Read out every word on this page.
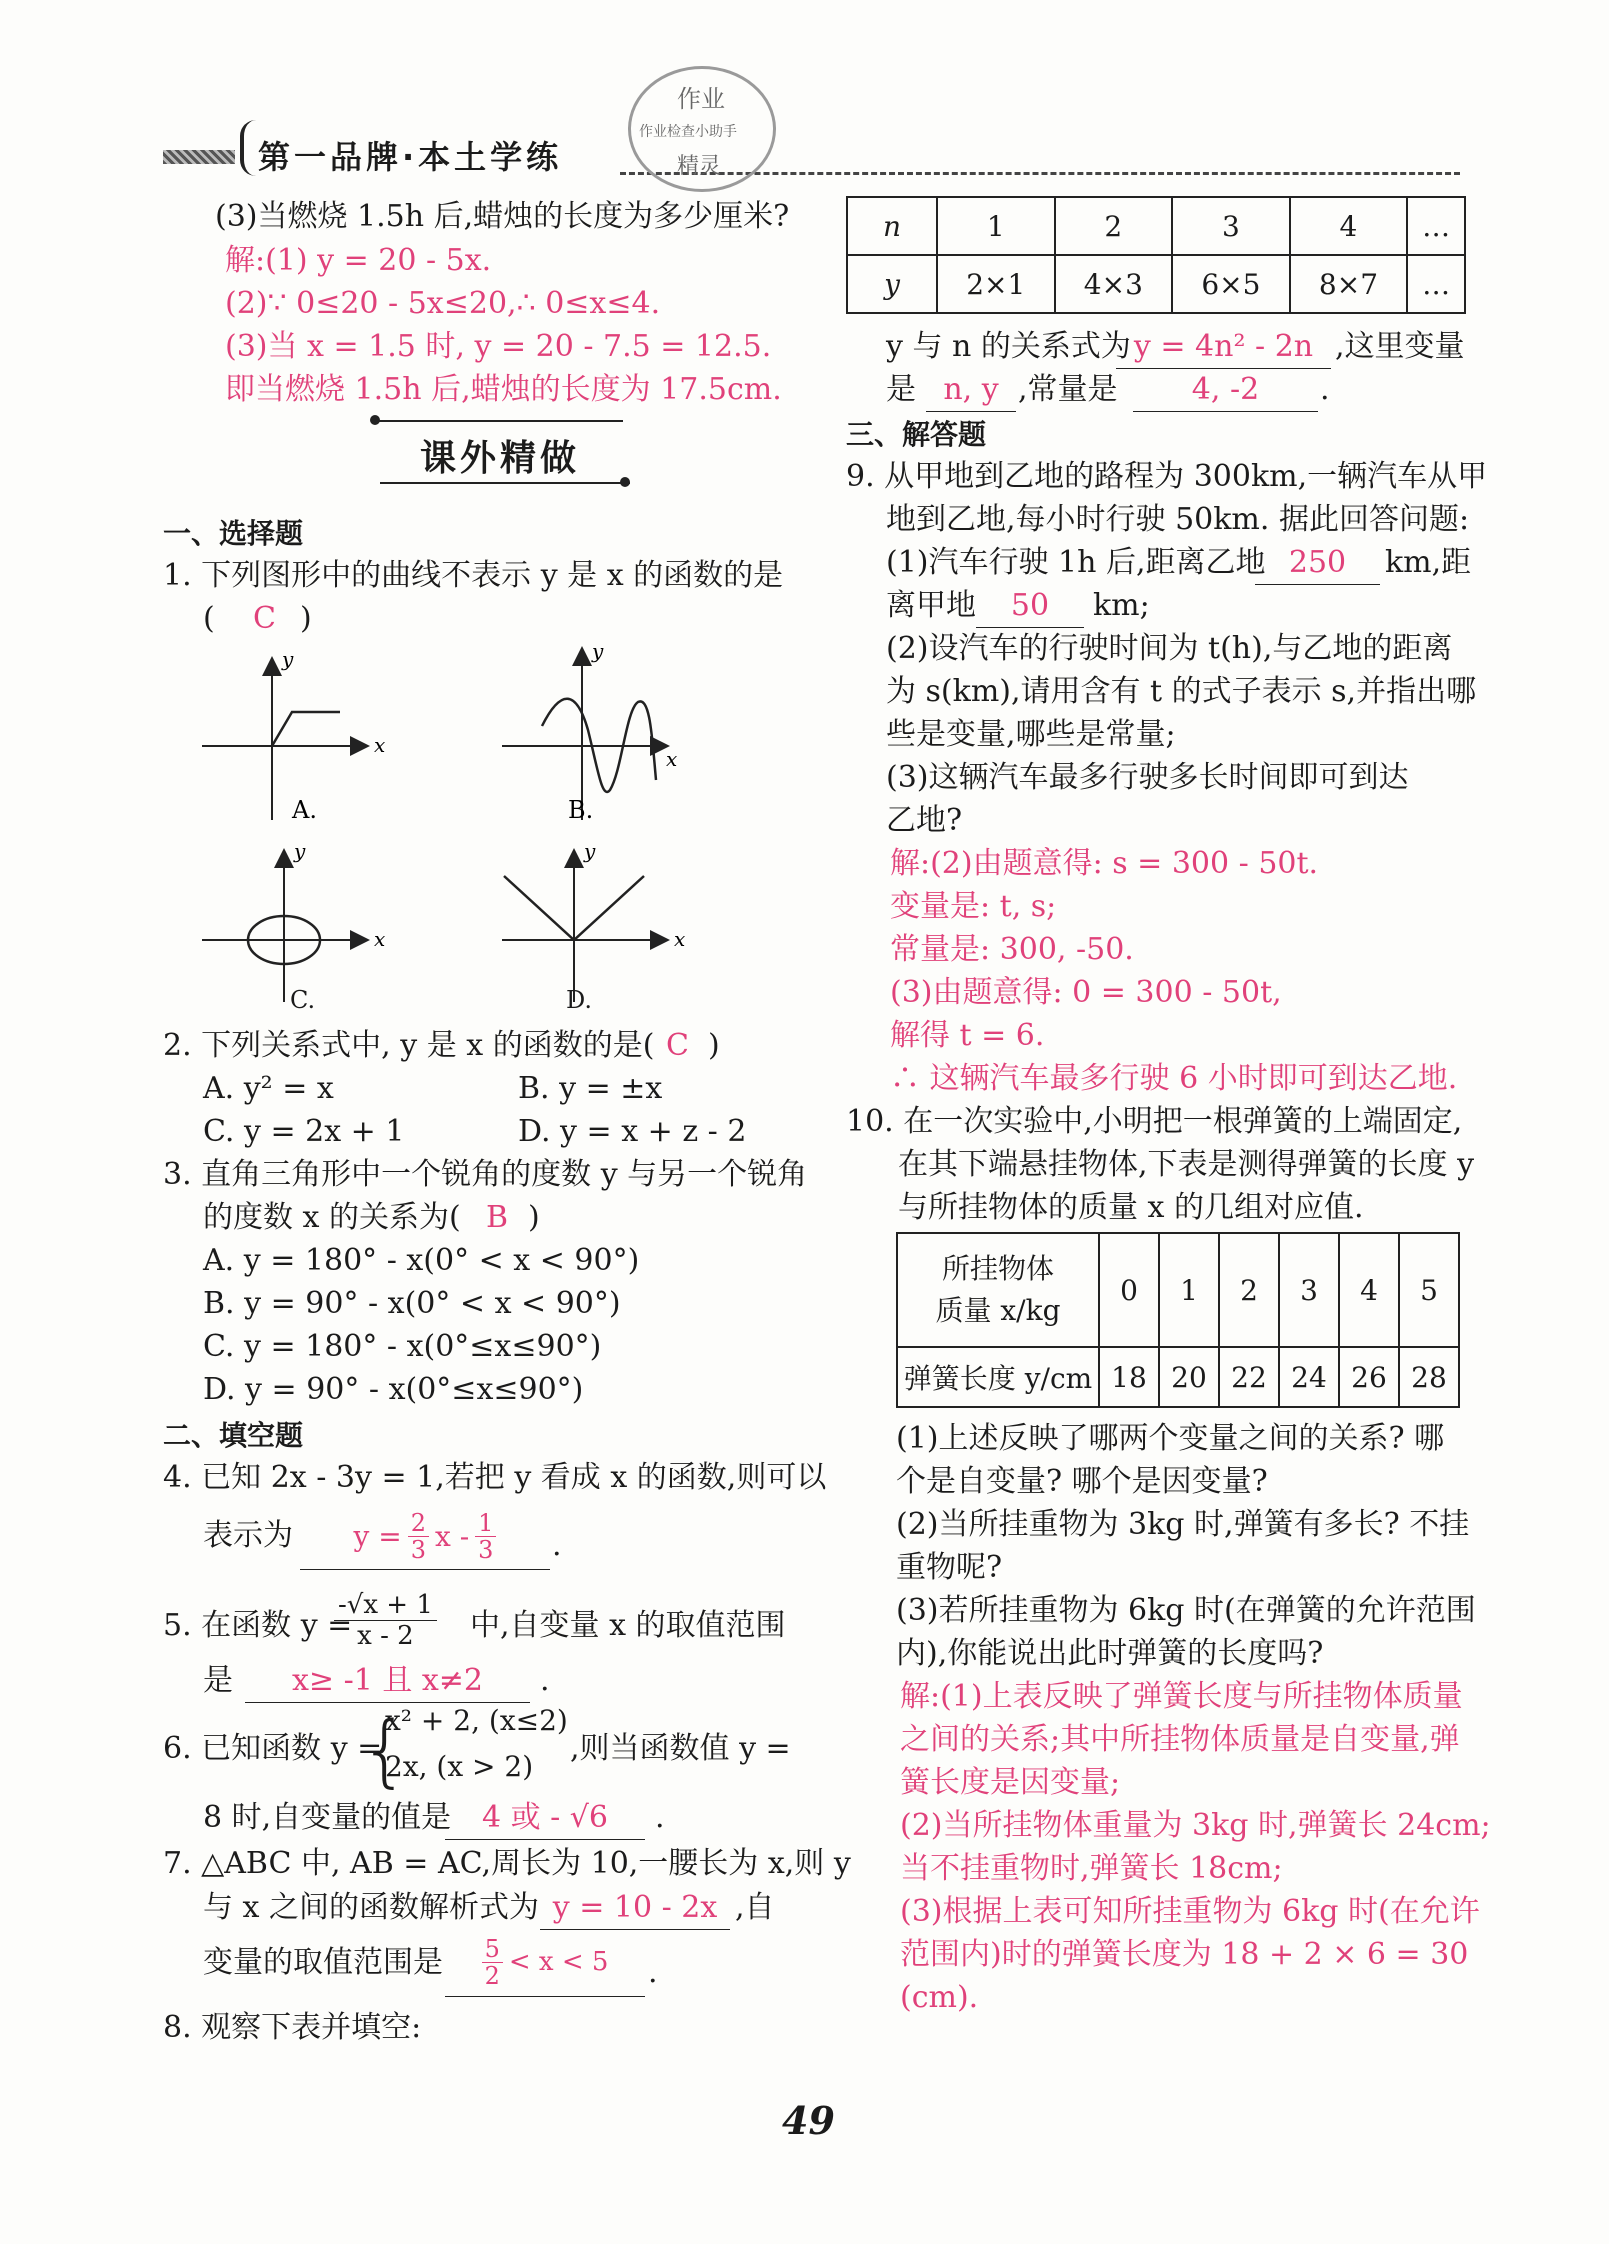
第一品牌·本土学练
作业
作业检查小助手
精灵
(3)当燃烧 1.5h 后,蜡烛的长度为多少厘米?
解:(1) y = 20 - 5x.
(2)∵ 0≤20 - 5x≤20,∴ 0≤x≤4.
(3)当 x = 1.5 时, y = 20 - 7.5 = 12.5.
即当燃烧 1.5h 后,蜡烛的长度为 17.5cm.
课外精做
一、选择题
1. 下列图形中的曲线不表示 y 是 x 的函数的是
( C )
x
y
A.
x
y
B.
x
y
x
y
C.	D.
2. 下列关系式中, y 是 x 的函数的是( C )
A. y² = x	B. y = ±x
C. y = 2x + 1	D. y = x + z - 2
3. 直角三角形中一个锐角的度数 y 与另一个锐角
的度数 x 的关系为( B )
A. y = 180° - x(0° < x < 90°)
B. y = 90° - x(0° < x < 90°)
C. y = 180° - x(0°≤x≤90°)
D. y = 90° - x(0°≤x≤90°)
二、填空题
4. 已知 2x - 3y = 1,若把 y 看成 x 的函数,则可以
表示为 $y = \frac{2}{3}$ x - $\frac{1}{3}$ .
5. 在函数 y =
$\frac{-√x + 1}{x - 2}$ 中,自变量 x 的取值范围
是	x≥ -1 且 x≠2	.
6. 已知函数 y =
{
x² + 2, (x≤2)
2x, (x > 2)
,则当函数值 y =
8 时,自变量的值是	4 或 - √6	.
7. △ABC 中, AB = AC,周长为 10,一腰长为 x,则 y
与 x 之间的函数解析式为 y = 10 - 2x ,自
变量的取值范围是 $\frac{5}{2} < x < 5$ .
8. 观察下表并填空:
n	1	2	3	4	…
y	2×1	4×3	6×5	8×7	…
y 与 n 的关系式为 y = 4n² - 2n ,这里变量
是 n, y ,常量是	4, -2	.
三、解答题
9. 从甲地到乙地的路程为 300km,一辆汽车从甲
地到乙地,每小时行驶 50km. 据此回答问题:
(1)汽车行驶 1h 后,距离乙地 250	km,距
离甲地	50	km;
(2)设汽车的行驶时间为 t(h),与乙地的距离
为 s(km),请用含有 t 的式子表示 s,并指出哪
些是变量,哪些是常量;
(3)这辆汽车最多行驶多长时间即可到达
乙地?
解:(2)由题意得: s = 300 - 50t.
变量是: t, s;
常量是: 300, -50.
(3)由题意得: 0 = 300 - 50t,
解得 t = 6.
∴ 这辆汽车最多行驶 6 小时即可到达乙地.
10. 在一次实验中,小明把一根弹簧的上端固定,
在其下端悬挂物体,下表是测得弹簧的长度 y
与所挂物体的质量 x 的几组对应值.
所挂物体
质量 x/kg	0	1	2	3	4	5
弹簧长度 y/cm	18	20	22	24	26	28
(1)上述反映了哪两个变量之间的关系? 哪
个是自变量? 哪个是因变量?
(2)当所挂重物为 3kg 时,弹簧有多长? 不挂
重物呢?
(3)若所挂重物为 6kg 时(在弹簧的允许范围
内),你能说出此时弹簧的长度吗?
解:(1)上表反映了弹簧长度与所挂物体质量
之间的关系;其中所挂物体质量是自变量,弹
簧长度是因变量;
(2)当所挂物体重量为 3kg 时,弹簧长 24cm;
当不挂重物时,弹簧长 18cm;
(3)根据上表可知所挂重物为 6kg 时(在允许
范围内)时的弹簧长度为 18 + 2 × 6 = 30
(cm).
49
